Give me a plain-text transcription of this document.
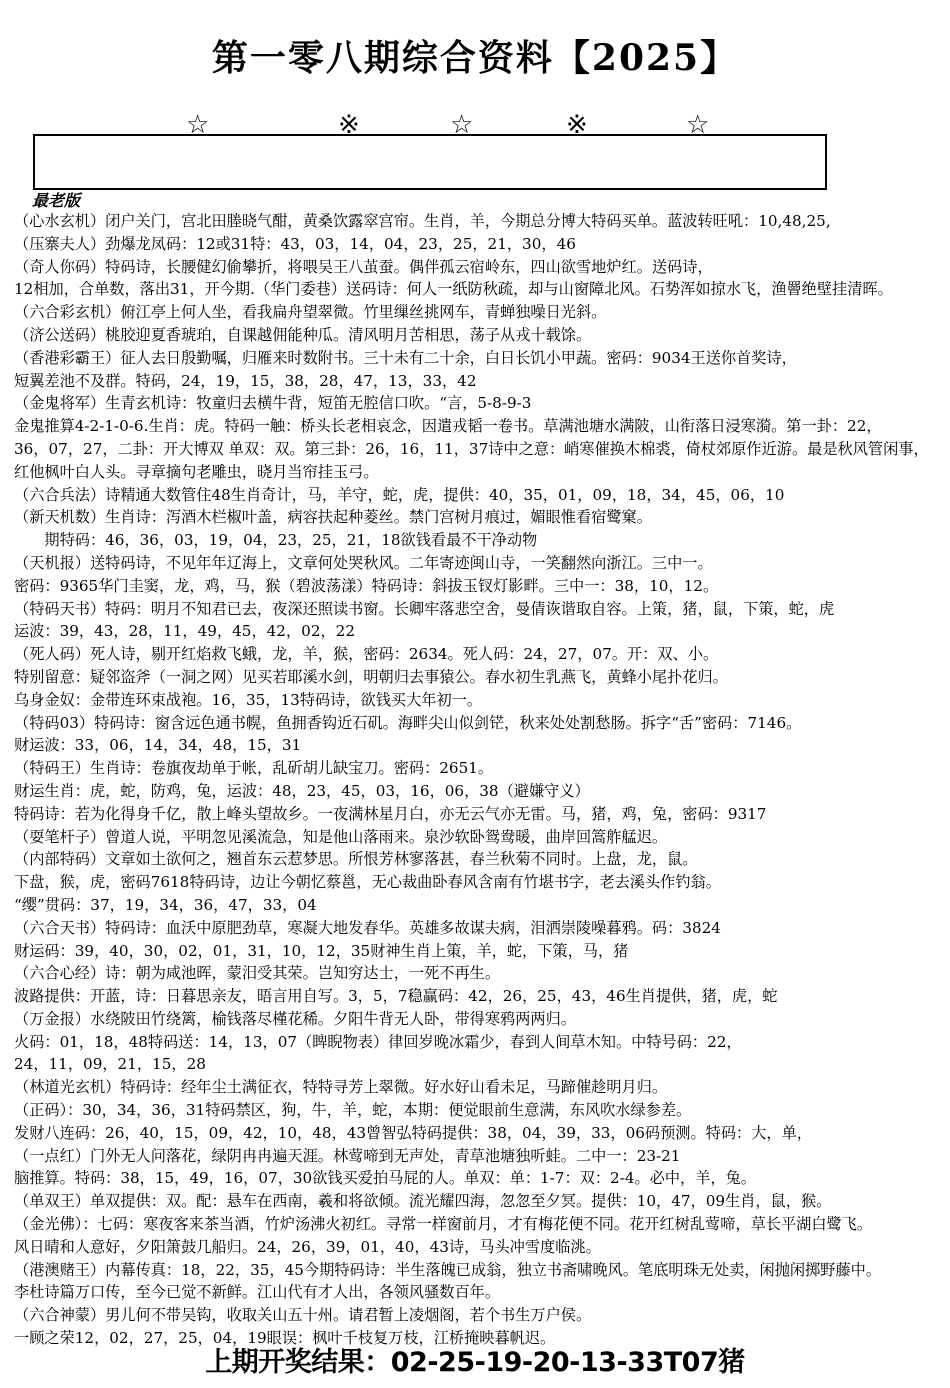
第一零八期综合资料【2025】
☆	※	☆	※	☆
最老版
（心水玄机）闭户关门，宫北田塍晓气酣，黄桑饮露窣宫帘。生肖，羊，今期总分博大特码买单。蓝波转旺吼：10,48,25,
（压寨夫人）劲爆龙凤码：12或31特：43，03，14，04，23，25，21，30，46
（奇人你码）特码诗，长腰健幻偷攀折，将喂吴王八茧蚕。偶伴孤云宿岭东，四山欲雪地炉红。送码诗，
12相加，合单数，落出31，开今期.（华门委巷）送码诗：何人一纸防秋疏，却与山窗障北风。石势浑如掠水飞，渔罾绝壁挂清晖。
（六合彩玄机）俯江亭上何人坐，看我扁舟望翠微。竹里缫丝挑网车，青蝉独噪日光斜。
（济公送码）桃胶迎夏香琥珀，自课越佣能种瓜。清风明月苦相思，荡子从戎十载馀。
（香港彩霸王）征人去日殷勤嘱，归雁来时数附书。三十未有二十余，白日长饥小甲蔬。密码：9034王送你首奖诗，
短翼差池不及群。特码，24，19，15，38，28，47，13，33，42
（金鬼将军）生青玄机诗：牧童归去横牛背，短笛无腔信口吹。“言，5-8-9-3
金鬼推算4-2-1-0-6.生肖：虎。特码一触：桥头长老相哀念，因遣戎韬一卷书。草满池塘水满陂，山衔落日浸寒漪。第一卦：22，
36，07，27，二卦：开大博双 单双：双。第三卦：26，16，11，37诗中之意：峭寒催换木棉裘，倚杖郊原作近游。最是秋风管闲事，
红他枫叶白人头。寻章摘句老雕虫，晓月当帘挂玉弓。
（六合兵法）诗精通大数管住48生肖奇计，马，羊守，蛇，虎，提供：40，35，01，09，18，34，45，06，10
（新天机数）生肖诗：泻酒木栏椒叶盖，病容扶起种菱丝。禁门宫树月痕过，媚眼惟看宿鹭窠。
　　期特码：46，36，03，19，04，23，25，21，18欲钱看最不干净动物
（天机报）送特码诗，不见年年辽海上，文章何处哭秋风。二年寄迹闽山寺，一笑翻然向浙江。三中一。
密码：9365华门圭窦，龙，鸡，马，猴（碧波荡漾）特码诗：斜拔玉钗灯影畔。三中一：38，10，12。
（特码天书）特码：明月不知君已去，夜深还照读书窗。长卿牢落悲空舍，曼倩诙谐取自容。上策，猪，鼠，下策，蛇，虎
运波：39，43，28，11，49，45，42，02，22
（死人码）死人诗，剔开红焰救飞蛾，龙，羊，猴，密码：2634。死人码：24，27，07。开：双、小。
特别留意：疑邻盗斧（一洞之网）见买若耶溪水剑，明朝归去事猿公。春水初生乳燕飞，黄蜂小尾扑花归。
乌身金奴：金带连环束战袍。16，35，13特码诗，欲钱买大年初一。
（特码03）特码诗：窗含远色通书幌，鱼拥香钩近石矶。海畔尖山似剑铓，秋来处处割愁肠。拆字“舌”密码：7146。
财运波：33，06，14，34，48，15，31
（特码王）生肖诗：卷旗夜劫单于帐，乱斫胡儿缺宝刀。密码：2651。
财运生肖：虎，蛇，防鸡，兔，运波：48，23，45，03，16，06，38（避嫌守义）
特码诗：若为化得身千亿，散上峰头望故乡。一夜满林星月白，亦无云气亦无雷。马，猪，鸡，兔，密码：9317
（耍笔杆子）曾道人说，平明忽见溪流急，知是他山落雨来。泉沙软卧鸳鸯暖，曲岸回篙舴艋迟。
（内部特码）文章如土欲何之，翘首东云惹梦思。所恨芳林寥落甚，春兰秋菊不同时。上盘，龙，鼠。
下盘，猴，虎，密码7618特码诗，边让今朝忆蔡邕，无心裁曲卧春风含南有竹堪书字，老去溪头作钓翁。
“缨”贯码：37，19，34，36，47，33，04
（六合天书）特码诗：血沃中原肥劲草，寒凝大地发春华。英雄多故谋夫病，泪洒崇陵噪暮鸦。码：3824
财运码：39，40，30，02，01，31，10，12，35财神生肖上策，羊，蛇，下策，马，猪
（六合心经）诗：朝为咸池晖，蒙汨受其荣。岂知穷达士，一死不再生。
波路提供：开蓝，诗：日暮思亲友，晤言用自写。3，5，7稳赢码：42，26，25，43，46生肖提供，猪，虎，蛇
（万金报）水绕陂田竹绕篱，榆钱落尽槿花稀。夕阳牛背无人卧，带得寒鸦两两归。
火码：01，18，48特码送：14，13，07（睥睨物表）律回岁晚冰霜少，春到人间草木知。中特号码：22，
24，11，09，21，15，28
（林道光玄机）特码诗：经年尘土满征衣，特特寻芳上翠微。好水好山看未足，马蹄催趁明月归。
（正码）：30，34，36，31特码禁区，狗，牛，羊，蛇，本期：便觉眼前生意满，东风吹水绿参差。
发财八连码：26，40，15，09，42，10，48，43曾智弘特码提供：38，04，39，33，06码预测。特码：大，单，
（一点红）门外无人问落花，绿阴冉冉遍天涯。林莺啼到无声处，青草池塘独听蛙。二中一：23-21
脑推算。特码：38，15，49，16，07，30欲钱买爱拍马屁的人。单双：单：1-7：双：2-4。必中，羊，兔。
（单双王）单双提供：双。配：悬车在西南，羲和将欲倾。流光耀四海，忽忽至夕冥。提供：10，47，09生肖，鼠，猴。
（金光佛）：七码：寒夜客来茶当酒，竹炉汤沸火初红。寻常一样窗前月，才有梅花便不同。花开红树乱莺啼，草长平湖白鹭飞。
风日晴和人意好，夕阳箫鼓几船归。24，26，39，01，40，43诗，马头冲雪度临洮。
（港澳赌王）内幕传真：18，22，35，45今期特码诗：半生落魄已成翁，独立书斋啸晚风。笔底明珠无处卖，闲抛闲掷野藤中。
李杜诗篇万口传，至今已觉不新鲜。江山代有才人出，各领风骚数百年。
（六合神蒙）男儿何不带吴钩，收取关山五十州。请君暂上凌烟阁，若个书生万户侯。
一顾之荣12，02，27，25，04，19眼误：枫叶千枝复万枝，江桥掩映暮帆迟。
上期开奖结果：02-25-19-20-13-33T07猪
